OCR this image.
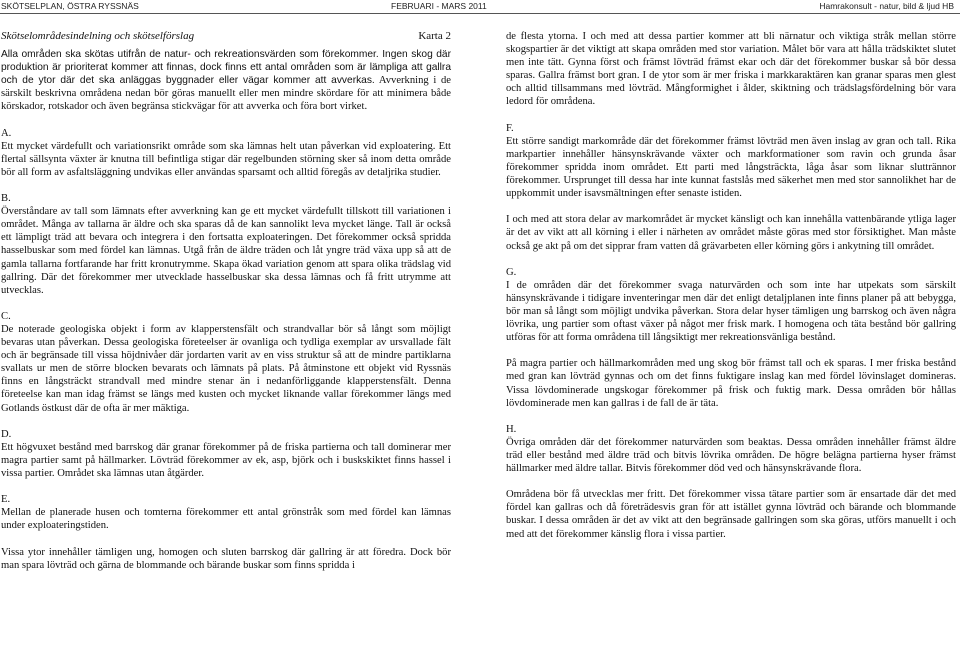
SKÖTSELPLAN, ÖSTRA RYSSNÄS	FEBRUARI - MARS 2011	Hamrakonsult - natur, bild & ljud HB
Skötselområdesindelning och skötselförslag	Karta 2

Alla områden ska skötas utifrån de natur- och rekreationsvärden som förekommer. Ingen skog där produktion är prioriterat kommer att finnas, dock finns ett antal områden som är lämpliga att gallra och de ytor där det ska anläggas byggnader eller vägar kommer att avverkas. Avverkning i de särskilt beskrivna områdena nedan bör göras manuellt eller men mindre skördare för att minimera både körskador, rotskador och även begränsa stickvägar för att avverka och föra bort virket.

A.
Ett mycket värdefullt och variationsrikt område som ska lämnas helt utan påverkan vid exploatering. Ett flertal sällsynta växter är knutna till befintliga stigar där regelbunden störning sker så inom detta område bör all form av asfaltsläggning undvikas eller användas sparsamt och alltid föregås av detaljrika studier.
B.
Överståndare av tall som lämnats efter avverkning kan ge ett mycket värdefullt tillskott till variationen i området. Många av tallarna är äldre och ska sparas då de kan sannolikt leva mycket länge. Tall är också ett lämpligt träd att bevara och integrera i den fortsatta exploateringen. Det förekommer också spridda hasselbuskar som med fördel kan lämnas. Utgå från de äldre träden och låt yngre träd växa upp så att de gamla tallarna fortfarande har fritt kronutrymme. Skapa ökad variation genom att spara olika trädslag vid gallring. Där det förekommer mer utvecklade hasselbuskar ska dessa lämnas och få fritt utrymme att utvecklas.
C.
De noterade geologiska objekt i form av klapperstensfält och strandvallar bör så långt som möjligt bevaras utan påverkan. Dessa geologiska företeelser är ovanliga och tydliga exemplar av ursvallade fält och är begränsade till vissa höjdnivåer där jordarten varit av en viss struktur så att de mindre partiklarna svallats ur men de större blocken bevarats och lämnats på plats. På åtminstone ett objekt vid Ryssnäs finns en långsträckt strandvall med mindre stenar än i nedanförliggande klapperstensfält. Denna företeelse kan man idag främst se längs med kusten och mycket liknande vallar förekommer längs med Gotlands östkust där de ofta är mer mäktiga.
D.
Ett högvuxet bestånd med barrskog där granar förekommer på de friska partierna och tall dominerar mer magra partier samt på hällmarker. Lövträd förekommer av ek, asp, björk och i buskskiktet finns hassel i vissa partier. Området ska lämnas utan åtgärder.
E.
Mellan de planerade husen och tomterna förekommer ett antal grönstråk som med fördel kan lämnas under exploateringstiden.
Vissa ytor innehåller tämligen ung, homogen och sluten barrskog där gallring är att föredra. Dock bör man spara lövträd och gärna de blommande och bärande buskar som finns spridda i
de flesta ytorna. I och med att dessa partier kommer att bli närnatur och viktiga stråk mellan större skogspartier är det viktigt att skapa områden med stor variation. Målet bör vara att hålla trädskiktet slutet men inte tätt. Gynna först och främst lövträd främst ekar och där det förekommer buskar så bör dessa sparas. Gallra främst bort gran. I de ytor som är mer friska i markkaraktären kan granar sparas men glest och alltid tillsammans med lövträd. Mångformighet i ålder, skiktning och trädslagsfördelning bör vara ledord för områdena.
F.
Ett större sandigt markområde där det förekommer främst lövträd men även inslag av gran och tall. Rika markpartier innehåller hänsynskrävande växter och markformationer som ravin och grunda åsar förekommer spridda inom området. Ett parti med långsträckta, låga åsar som liknar sluttrännor förekommer. Ursprunget till dessa har inte kunnat fastslås med säkerhet men med stor sannolikhet har de uppkommit under isavsmältningen efter senaste istiden.
I och med att stora delar av markområdet är mycket känsligt och kan innehålla vattenbärande ytliga lager är det av vikt att all körning i eller i närheten av området måste göras med stor försiktighet. Man måste också ge akt på om det sipprar fram vatten då grävarbeten eller körning görs i ankytning till området.
G.
I de områden där det förekommer svaga naturvärden och som inte har utpekats som särskilt hänsynskrävande i tidigare inventeringar men där det enligt detaljplanen inte finns planer på att bebygga, bör man så långt som möjligt undvika påverkan. Stora delar hyser tämligen ung barrskog och även några lövrika, ung partier som oftast växer på något mer frisk mark. I homogena och täta bestånd bör gallring utföras för att forma områdena till långsiktigt mer rekreationsvänliga bestånd.
På magra partier och hällmarkområden med ung skog bör främst tall och ek sparas. I mer friska bestånd med gran kan lövträd gynnas och om det finns fuktigare inslag kan med fördel lövinslaget domineras. Vissa lövdominerade ungskogar förekommer på frisk och fuktig mark. Dessa områden bör hållas lövdominerade men kan gallras i de fall de är täta.
H.
Övriga områden där det förekommer naturvärden som beaktas. Dessa områden innehåller främst äldre träd eller bestånd med äldre träd och bitvis lövrika områden. De högre belägna partierna hyser främst hällmarker med äldre tallar. Bitvis förekommer död ved och hänsynskrävande flora.
Områdena bör få utvecklas mer fritt. Det förekommer vissa tätare partier som är ensartade där det med fördel kan gallras och då företrädesvis gran för att istället gynna lövträd och bärande och blommande buskar. I dessa områden är det av vikt att den begränsade gallringen som ska göras, utförs manuellt i och med att det förekommer känslig flora i vissa partier.
